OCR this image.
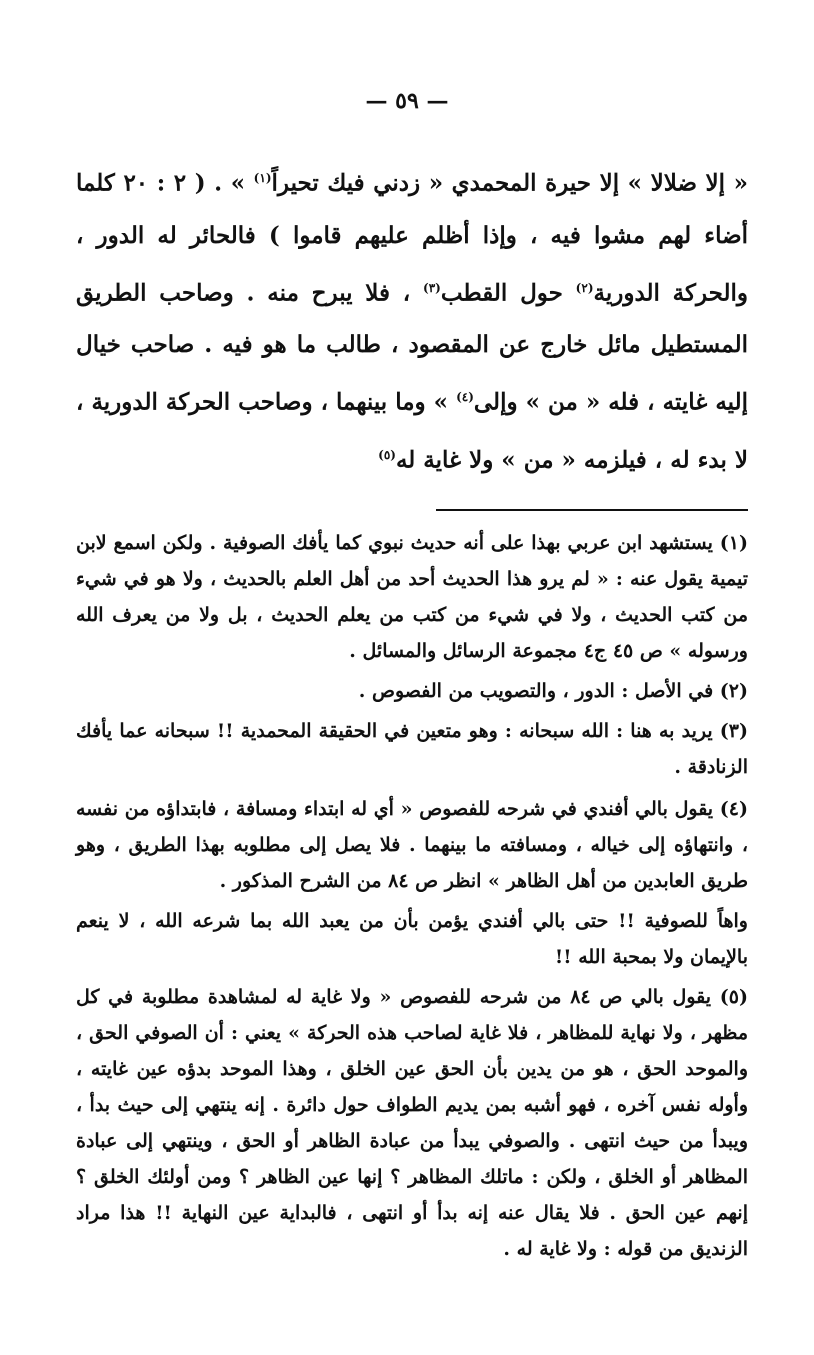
— ٥٩ —

« إلا ضلالا » إلا حيرة المحمدي « زدني فيك تحيراً$^{(١)}$ » . ( ٢ : ٢٠ كلما أضاء لهم مشوا فيه ، وإذا أظلم عليهم قاموا ) فالحائر له الدور ، والحركة الدورية$^{(٢)}$ حول القطب$^{(٣)}$ ، فلا يبرح منه . وصاحب الطريق المستطيل مائل خارج عن المقصود ، طالب ما هو فيه . صاحب خيال إليه غايته ، فله « من » وإلى$^{(٤)}$ » وما بينهما ، وصاحب الحركة الدورية ، لا بدء له ، فيلزمه « من » ولا غاية له$^{(٥)}$

(١) يستشهد ابن عربي بهذا على أنه حديث نبوي كما يأفك الصوفية . ولكن اسمع لابن تيمية يقول عنه : « لم يرو هذا الحديث أحد من أهل العلم بالحديث ، ولا هو في شيء من كتب الحديث ، ولا في شيء من كتب من يعلم الحديث ، بل ولا من يعرف الله ورسوله » ص ٤٥ ج٤ مجموعة الرسائل والمسائل .

(٢) في الأصل : الدور ، والتصويب من الفصوص .

(٣) يريد به هنا : الله سبحانه : وهو متعين في الحقيقة المحمدية !! سبحانه عما يأفك الزنادقة .

(٤) يقول بالي أفندي في شرحه للفصوص « أي له ابتداء ومسافة ، فابتداؤه من نفسه ، وانتهاؤه إلى خياله ، ومسافته ما بينهما . فلا يصل إلى مطلوبه بهذا الطريق ، وهو طريق العابدين من أهل الظاهر » انظر ص ٨٤ من الشرح المذكور .

واهاً للصوفية !! حتى بالي أفندي يؤمن بأن من يعبد الله بما شرعه الله ، لا ينعم بالإيمان ولا بمحبة الله !!

(٥) يقول بالي ص ٨٤ من شرحه للفصوص « ولا غاية له لمشاهدة مطلوبة في كل مظهر ، ولا نهاية للمظاهر ، فلا غاية لصاحب هذه الحركة » يعني : أن الصوفي الحق ، والموحد الحق ، هو من يدين بأن الحق عين الخلق ، وهذا الموحد بدؤه عين غايته ، وأوله نفس آخره ، فهو أشبه بمن يديم الطواف حول دائرة . إنه ينتهي إلى حيث بدأ ، ويبدأ من حيث انتهى . والصوفي يبدأ من عبادة الظاهر أو الحق ، وينتهي إلى عبادة المظاهر أو الخلق ، ولكن : ماتلك المظاهر ؟ إنها عين الظاهر ؟ ومن أولئك الخلق ؟ إنهم عين الحق . فلا يقال عنه إنه بدأ أو انتهى ، فالبداية عين النهاية !! هذا مراد الزنديق من قوله : ولا غاية له .
